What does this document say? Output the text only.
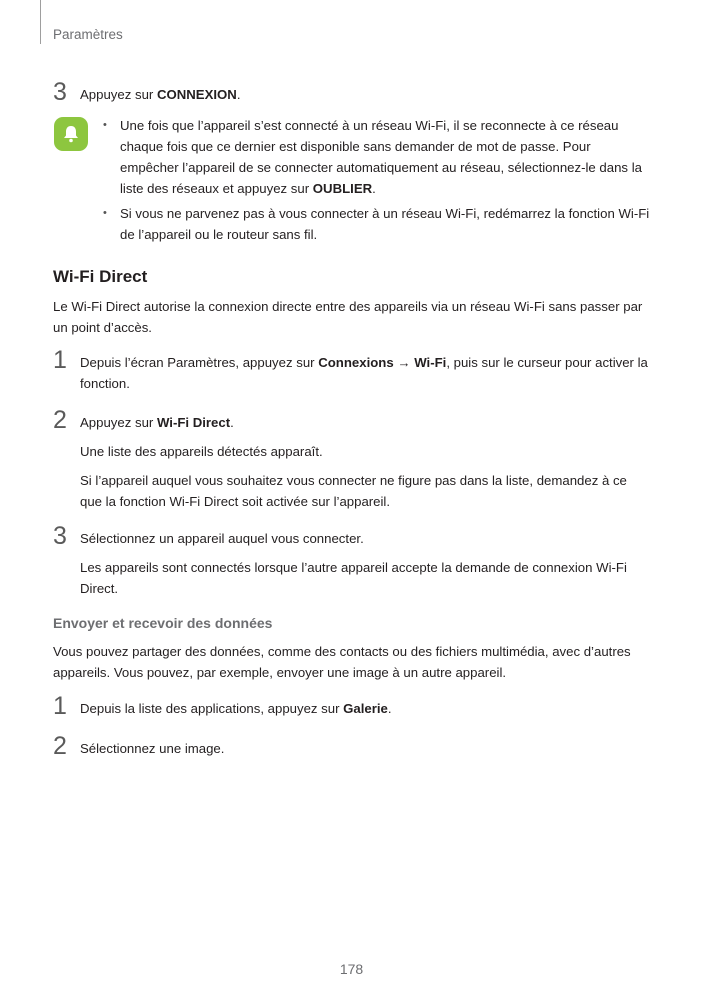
Paramètres
3 Appuyez sur CONNEXION.
• Une fois que l’appareil s’est connecté à un réseau Wi-Fi, il se reconnecte à ce réseau chaque fois que ce dernier est disponible sans demander de mot de passe. Pour empêcher l’appareil de se connecter automatiquement au réseau, sélectionnez-le dans la liste des réseaux et appuyez sur OUBLIER.
• Si vous ne parvenez pas à vous connecter à un réseau Wi-Fi, redémarrez la fonction Wi-Fi de l’appareil ou le routeur sans fil.
Wi-Fi Direct
Le Wi-Fi Direct autorise la connexion directe entre des appareils via un réseau Wi-Fi sans passer par un point d’accès.
1 Depuis l’écran Paramètres, appuyez sur Connexions → Wi-Fi, puis sur le curseur pour activer la fonction.
2 Appuyez sur Wi-Fi Direct.

Une liste des appareils détectés apparaît.

Si l’appareil auquel vous souhaitez vous connecter ne figure pas dans la liste, demandez à ce que la fonction Wi-Fi Direct soit activée sur l’appareil.

3 Sélectionnez un appareil auquel vous connecter.

Les appareils sont connectés lorsque l’autre appareil accepte la demande de connexion Wi-Fi Direct.

Envoyer et recevoir des données
Vous pouvez partager des données, comme des contacts ou des fichiers multimédia, avec d’autres appareils. Vous pouvez, par exemple, envoyer une image à un autre appareil.
1 Depuis la liste des applications, appuyez sur Galerie.
2 Sélectionnez une image.
178
